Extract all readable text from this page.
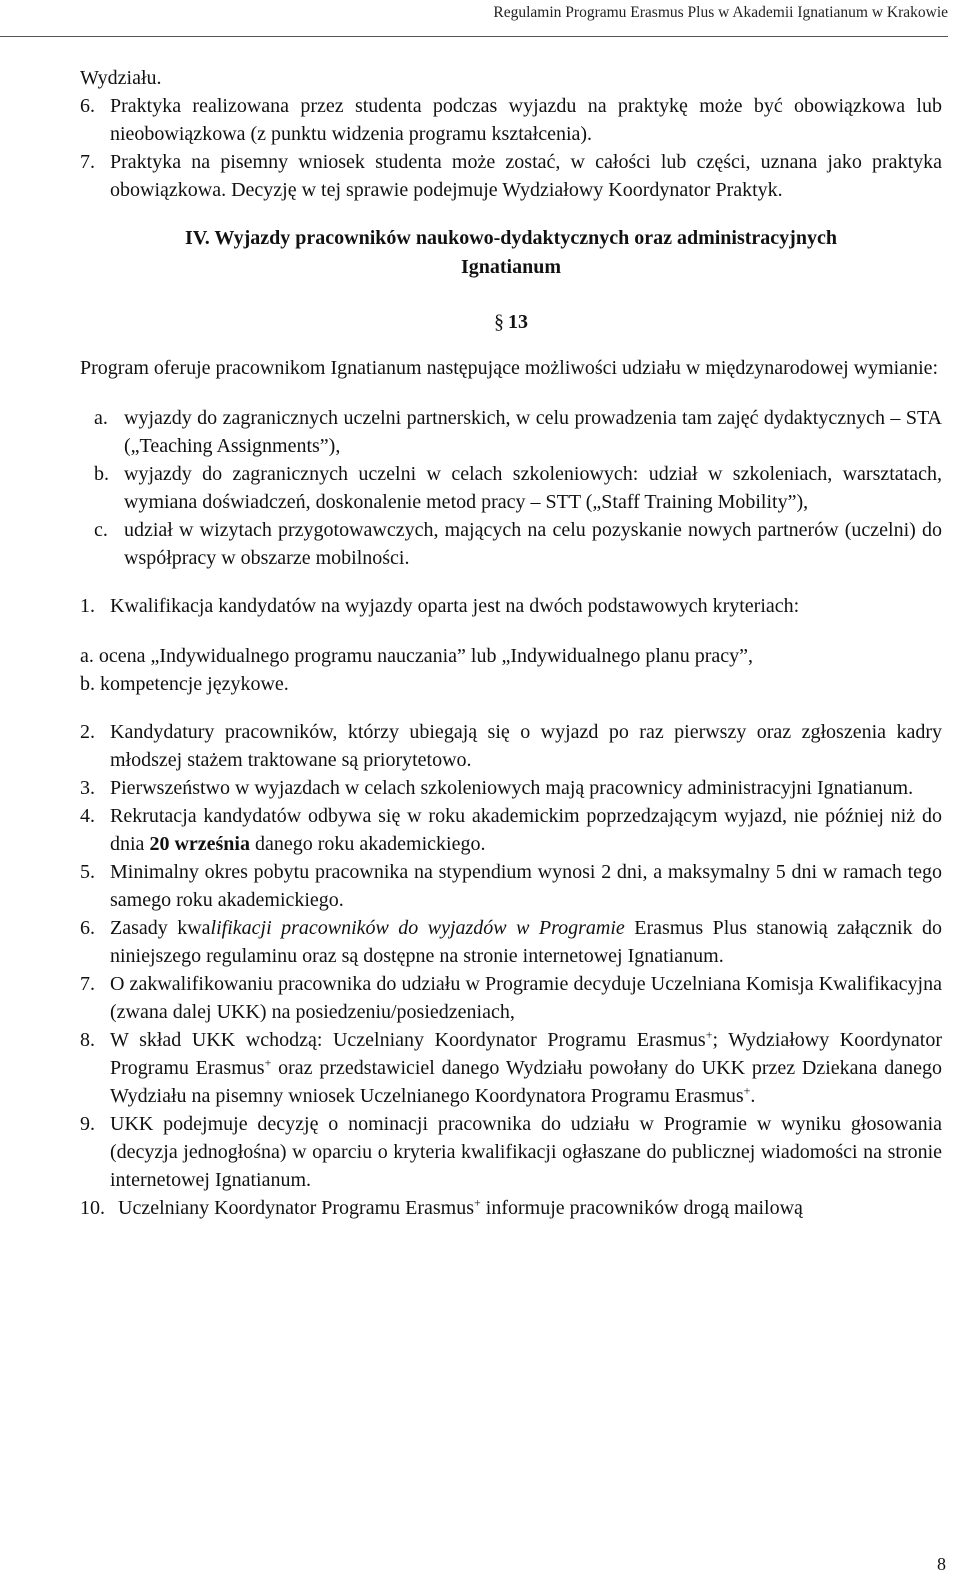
Regulamin Programu Erasmus Plus w Akademii Ignatianum w Krakowie

Wydziału.

6. Praktyka realizowana przez studenta podczas wyjazdu na praktykę może być obowiązkowa lub nieobowiązkowa (z punktu widzenia programu kształcenia).
7. Praktyka na pisemny wniosek studenta może zostać, w całości lub części, uznana jako praktyka obowiązkowa. Decyzję w tej sprawie podejmuje Wydziałowy Koordynator Praktyk.
IV. Wyjazdy pracowników naukowo-dydaktycznych oraz administracyjnych
Ignatianum
§ 13

Program oferuje pracownikom Ignatianum następujące możliwości udziału w międzynarodowej wymianie:

a. wyjazdy do zagranicznych uczelni partnerskich, w celu prowadzenia tam zajęć dydaktycznych – STA („Teaching Assignments”),
b. wyjazdy do zagranicznych uczelni w celach szkoleniowych: udział w szkoleniach, warsztatach, wymiana doświadczeń, doskonalenie metod pracy – STT („Staff Training Mobility”),
c. udział w wizytach przygotowawczych, mających na celu pozyskanie nowych partnerów (uczelni) do współpracy w obszarze mobilności.
1. Kwalifikacja kandydatów na wyjazdy oparta jest na dwóch podstawowych kryteriach:

a. ocena „Indywidualnego programu nauczania” lub „Indywidualnego planu pracy”,

b. kompetencje językowe.

2. Kandydatury pracowników, którzy ubiegają się o wyjazd po raz pierwszy oraz zgłoszenia kadry młodszej stażem traktowane są priorytetowo.
3. Pierwszeństwo w wyjazdach w celach szkoleniowych mają pracownicy administracyjni Ignatianum.
4. Rekrutacja kandydatów odbywa się w roku akademickim poprzedzającym wyjazd, nie później niż do dnia 20 września danego roku akademickiego.
5. Minimalny okres pobytu pracownika na stypendium wynosi 2 dni, a maksymalny 5 dni w ramach tego samego roku akademickiego.
6. Zasady kwalifikacji pracowników do wyjazdów w Programie Erasmus Plus stanowią załącznik do niniejszego regulaminu oraz są dostępne na stronie internetowej Ignatianum.
7. O zakwalifikowaniu pracownika do udziału w Programie decyduje Uczelniana Komisja Kwalifikacyjna (zwana dalej UKK) na posiedzeniu/posiedzeniach,
8. W skład UKK wchodzą: Uczelniany Koordynator Programu Erasmus+; Wydziałowy Koordynator Programu Erasmus+ oraz przedstawiciel danego Wydziału powołany do UKK przez Dziekana danego Wydziału na pisemny wniosek Uczelnianego Koordynatora Programu Erasmus+.
9. UKK podejmuje decyzję o nominacji pracownika do udziału w Programie w wyniku głosowania (decyzja jednogłośna) w oparciu o kryteria kwalifikacji ogłaszane do publicznej wiadomości na stronie internetowej Ignatianum.
10. Uczelniany Koordynator Programu Erasmus+ informuje pracowników drogą mailową
8
